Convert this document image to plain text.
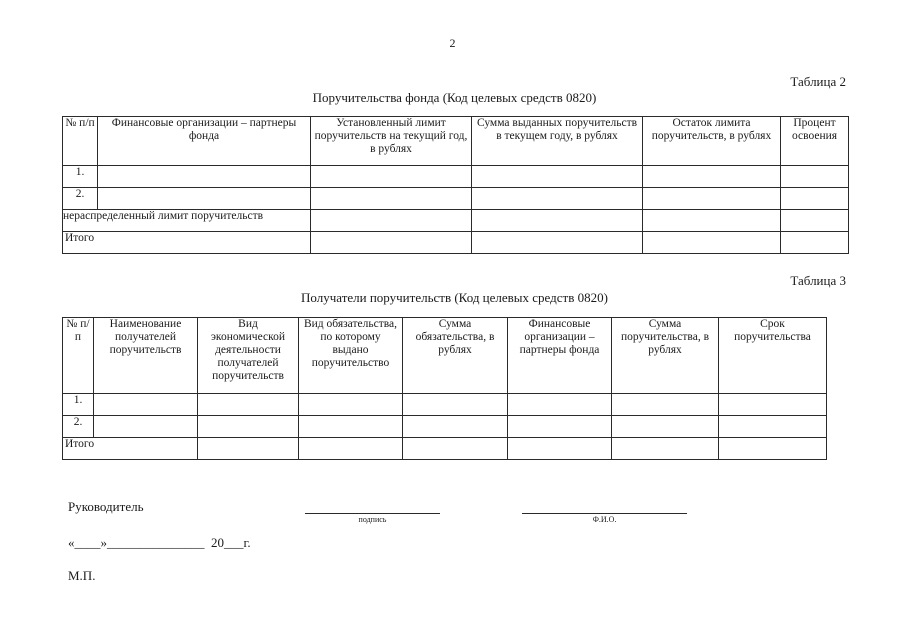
2
Таблица 2
Поручительства фонда (Код целевых средств 0820)
№ п/п	Финансовые организации – партнеры фонда	Установленный лимит поручительств на текущий год, в рублях	Сумма выданных поручительств в текущем году, в рублях	Остаток лимита поручительств, в рублях	Процент освоения
1.					
2.					
нераспределенный лимит поручительств					
Итого					
Таблица 3
Получатели поручительств (Код целевых средств 0820)
№ п/п	Наименование получателей поручительств	Вид экономической деятельности получателей поручительств	Вид обязательства, по которому выдано поручительство	Сумма обязательства, в рублях	Финансовые организации – партнеры фонда	Сумма поручительства, в рублях	Срок поручительства
1.							
2.							
Итого							
Руководитель
подпись	Ф.И.О.
«____»_______________  20___г.
М.П.
